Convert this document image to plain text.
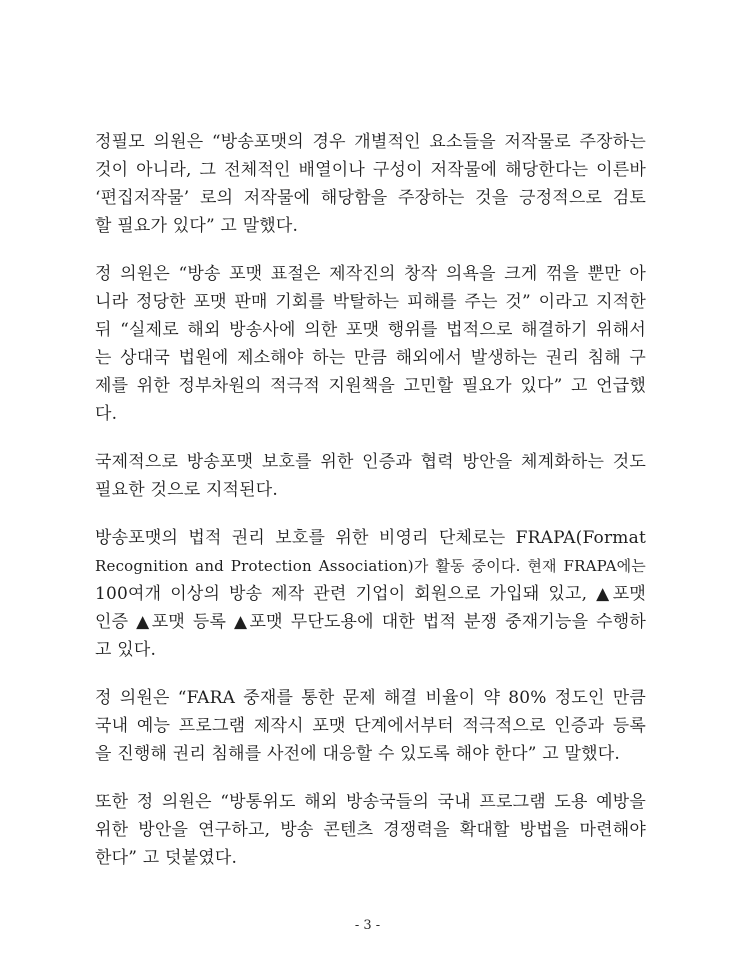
정필모 의원은 “방송포맷의 경우 개별적인 요소들을 저작물로 주장하는
것이 아니라, 그 전체적인 배열이나 구성이 저작물에 해당한다는 이른바
‘편집저작물’ 로의 저작물에 해당함을 주장하는 것을 긍정적으로 검토
할 필요가 있다” 고 말했다.
정 의원은 “방송 포맷 표절은 제작진의 창작 의욕을 크게 꺾을 뿐만 아
니라 정당한 포맷 판매 기회를 박탈하는 피해를 주는 것” 이라고 지적한
뒤 “실제로 해외 방송사에 의한 포맷 행위를 법적으로 해결하기 위해서
는 상대국 법원에 제소해야 하는 만큼 해외에서 발생하는 권리 침해 구
제를 위한 정부차원의 적극적 지원책을 고민할 필요가 있다” 고 언급했
다.
국제적으로 방송포맷 보호를 위한 인증과 협력 방안을 체계화하는 것도
필요한 것으로 지적된다.
방송포맷의 법적 권리 보호를 위한 비영리 단체로는 FRAPA(Format
Recognition and Protection Association)가 활동 중이다. 현재 FRAPA에는
100여개 이상의 방송 제작 관련 기업이 회원으로 가입돼 있고, ▲포맷
인증 ▲포맷 등록 ▲포맷 무단도용에 대한 법적 분쟁 중재기능을 수행하
고 있다.
정 의원은 “FARA 중재를 통한 문제 해결 비율이 약 80% 정도인 만큼
국내 예능 프로그램 제작시 포맷 단계에서부터 적극적으로 인증과 등록
을 진행해 권리 침해를 사전에 대응할 수 있도록 해야 한다” 고 말했다.
또한 정 의원은 “방통위도 해외 방송국들의 국내 프로그램 도용 예방을
위한 방안을 연구하고, 방송 콘텐츠 경쟁력을 확대할 방법을 마련해야
한다” 고 덧붙였다.
- 3 -
